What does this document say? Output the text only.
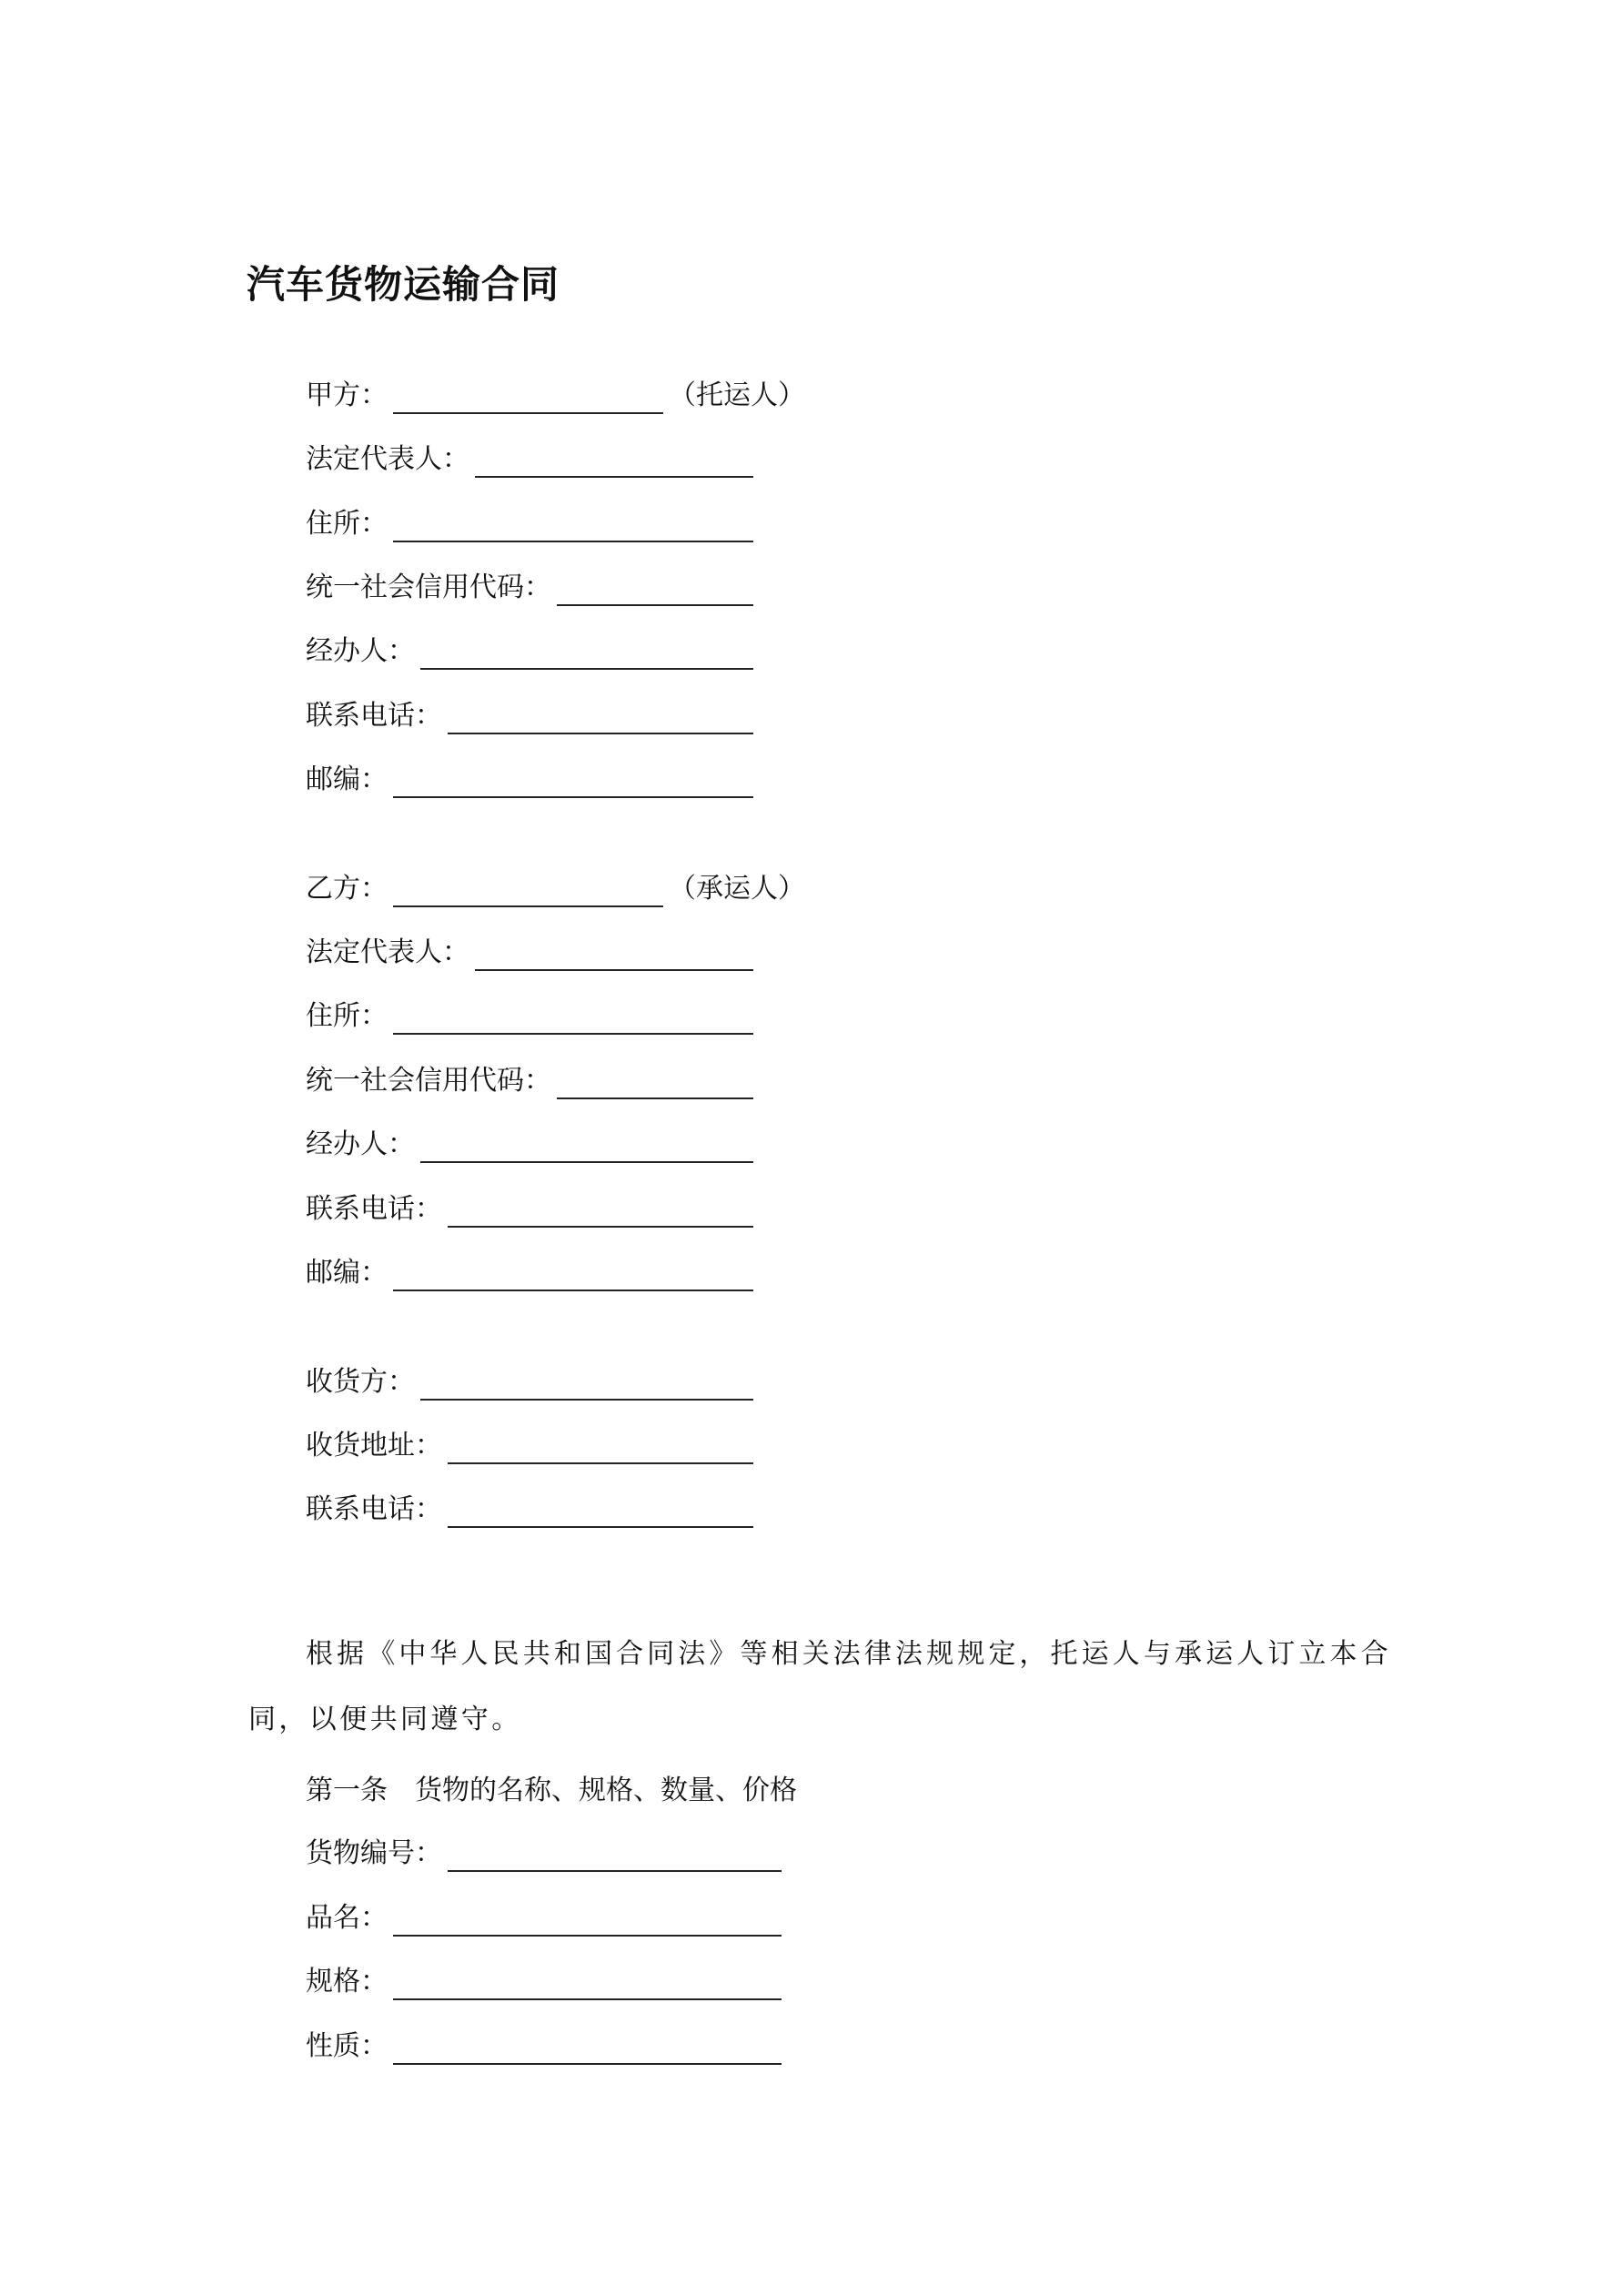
汽车货物运输合同
甲方：	（托运人）
法定代表人：
住所：
统一社会信用代码：
经办人：
联系电话：
邮编：
乙方：	（承运人）
法定代表人：
住所：
统一社会信用代码：
经办人：
联系电话：
邮编：
收货方：
收货地址：
联系电话：
货物编号：
品名：
规格：
性质：

根据《中华人民共和国合同法》等相关法律法规规定，托运人与承运人订立本合同，以便共同遵守。

第一条　货物的名称、规格、数量、价格
